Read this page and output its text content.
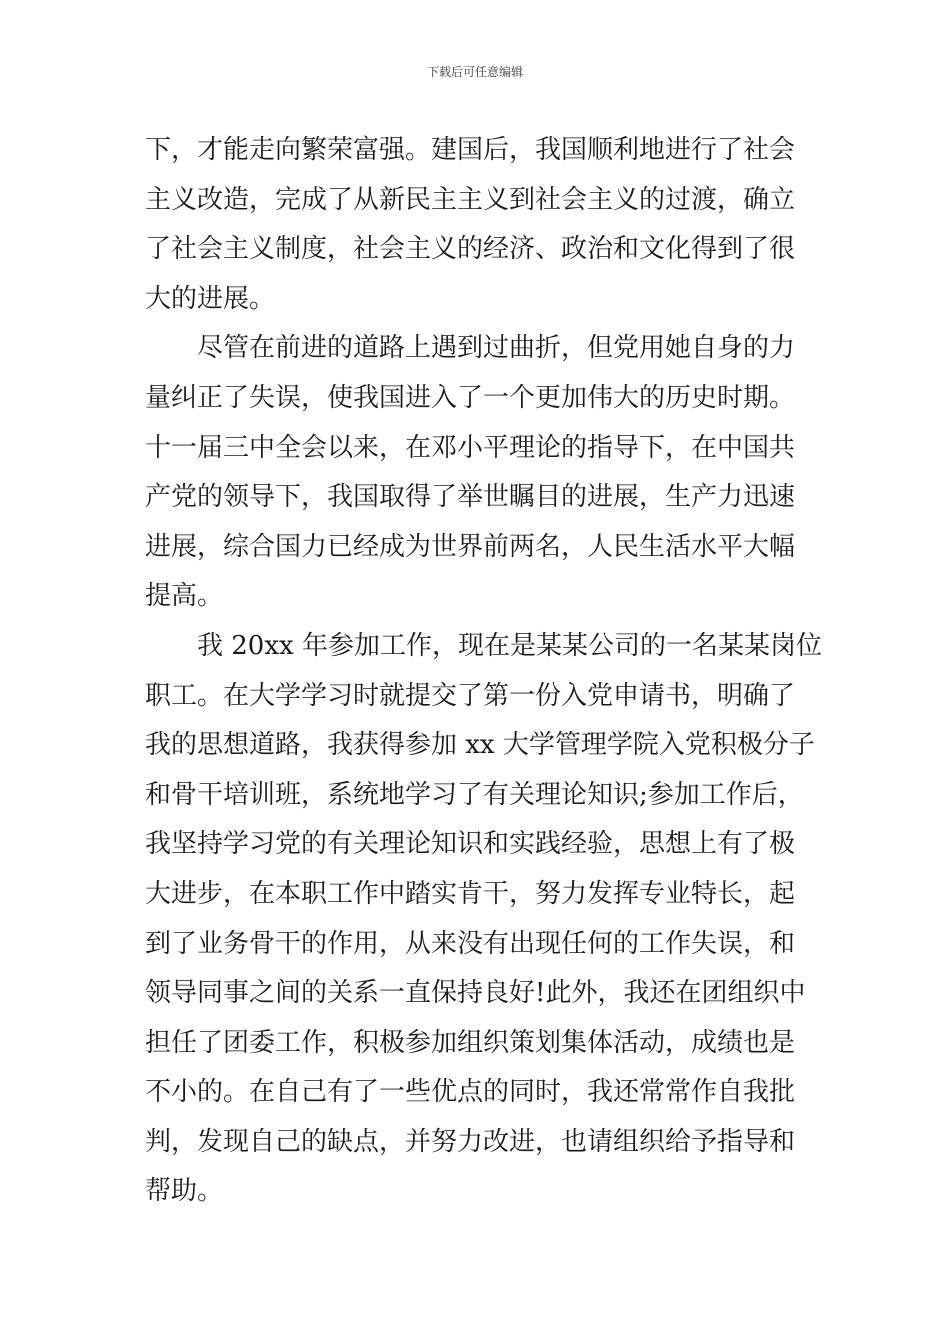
下载后可任意编辑
下，才能走向繁荣富强。建国后，我国顺利地进行了社会
主义改造，完成了从新民主主义到社会主义的过渡，确立
了社会主义制度，社会主义的经济、政治和文化得到了很
大的进展。
尽管在前进的道路上遇到过曲折，但党用她自身的力
量纠正了失误，使我国进入了一个更加伟大的历史时期。
十一届三中全会以来，在邓小平理论的指导下，在中国共
产党的领导下，我国取得了举世瞩目的进展，生产力迅速
进展，综合国力已经成为世界前两名，人民生活水平大幅
提高。
我 20xx 年参加工作，现在是某某公司的一名某某岗位
职工。在大学学习时就提交了第一份入党申请书，明确了
我的思想道路，我获得参加 xx 大学管理学院入党积极分子
和骨干培训班，系统地学习了有关理论知识;参加工作后，
我坚持学习党的有关理论知识和实践经验，思想上有了极
大进步，在本职工作中踏实肯干，努力发挥专业特长，起
到了业务骨干的作用，从来没有出现任何的工作失误，和
领导同事之间的关系一直保持良好!此外，我还在团组织中
担任了团委工作，积极参加组织策划集体活动，成绩也是
不小的。在自己有了一些优点的同时，我还常常作自我批
判，发现自己的缺点，并努力改进，也请组织给予指导和
帮助。
